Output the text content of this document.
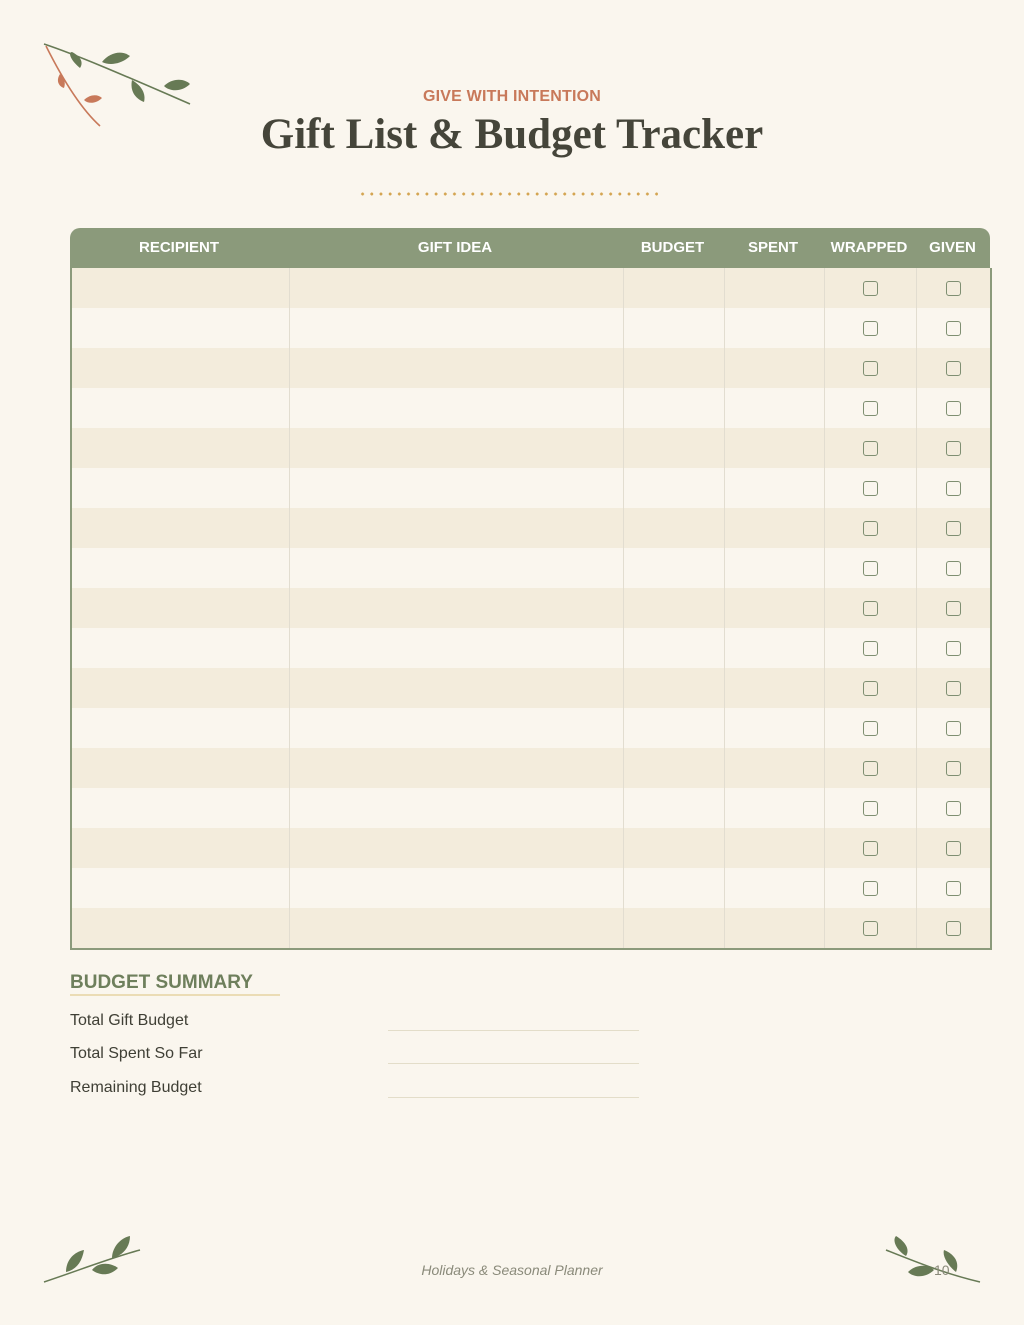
GIVE WITH INTENTION
Gift List & Budget Tracker
RECIPIENT	GIFT IDEA	BUDGET	SPENT	WRAPPED	GIVEN
BUDGET SUMMARY
Total Gift Budget
Total Spent So Far
Remaining Budget
Holidays & Seasonal Planner	10
